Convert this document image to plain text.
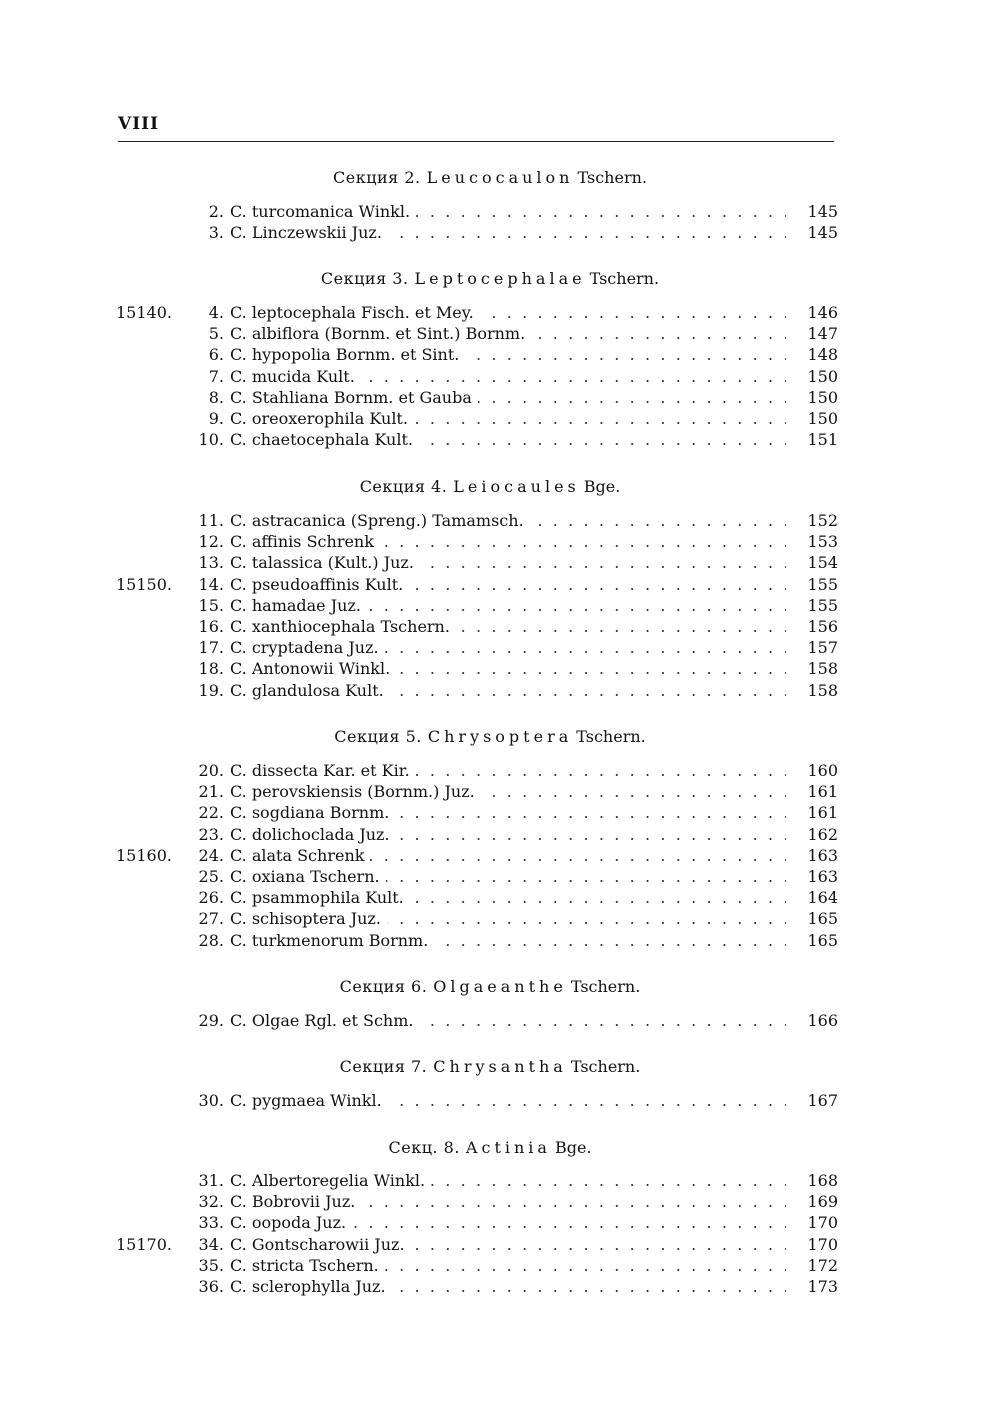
VIII
Секция 2. Leucocaulon Tschern.
2. C. turcomanica Winkl. . . .	145
3. C. Linczewskii Juz. . . .	145
Секция 3. Leptocephalae Tschern.
15140.	4. C. leptocephala Fisch. et Mey. . . .	146
5. C. albiflora (Bornm. et Sint.) Bornm. . . .	147
6. C. hypopolia Bornm. et Sint. . . .	148
7. C. mucida Kult. . . .	150
8. C. Stahliana Bornm. et Gauba . . .	150
9. C. oreoxerophila Kult. . . .	150
10. C. chaetocephala Kult. . . .	151
Секция 4. Leiocaules Bge.
11. C. astracanica (Spreng.) Tamamsch. . . .	152
12. C. affinis Schrenk . . .	153
13. C. talassica (Kult.) Juz. . . .	154
15150.	14. C. pseudoaffinis Kult. . . .	155
15. C. hamadae Juz. . . .	155
16. C. xanthiocephala Tschern. . . .	156
17. C. cryptadena Juz. . . .	157
18. C. Antonowii Winkl. . . .	158
19. C. glandulosa Kult. . . .	158
Секция 5. Chrysoptera Tschern.
20. C. dissecta Kar. et Kir. . . .	160
21. C. perovskiensis (Bornm.) Juz. . . .	161
22. C. sogdiana Bornm. . . .	161
23. C. dolichoclada Juz. . . .	162
15160.	24. C. alata Schrenk . . .	163
25. C. oxiana Tschern. . . .	163
26. C. psammophila Kult. . . .	164
27. C. schisoptera Juz. . . .	165
28. C. turkmenorum Bornm. . . .	165
Секция 6. Olgaeanthe Tschern.
29. C. Olgae Rgl. et Schm. . . .	166
Секция 7. Chrysantha Tschern.
30. C. pygmaea Winkl. . . .	167
Секц. 8. Actinia Bge.
31. C. Albertoregelia Winkl. . . .	168
32. C. Bobrovii Juz. . . .	169
33. C. oopoda Juz. . . .	170
15170.	34. C. Gontscharowii Juz. . . .	170
35. C. stricta Tschern. . . .	172
36. C. sclerophylla Juz. . . .	173
